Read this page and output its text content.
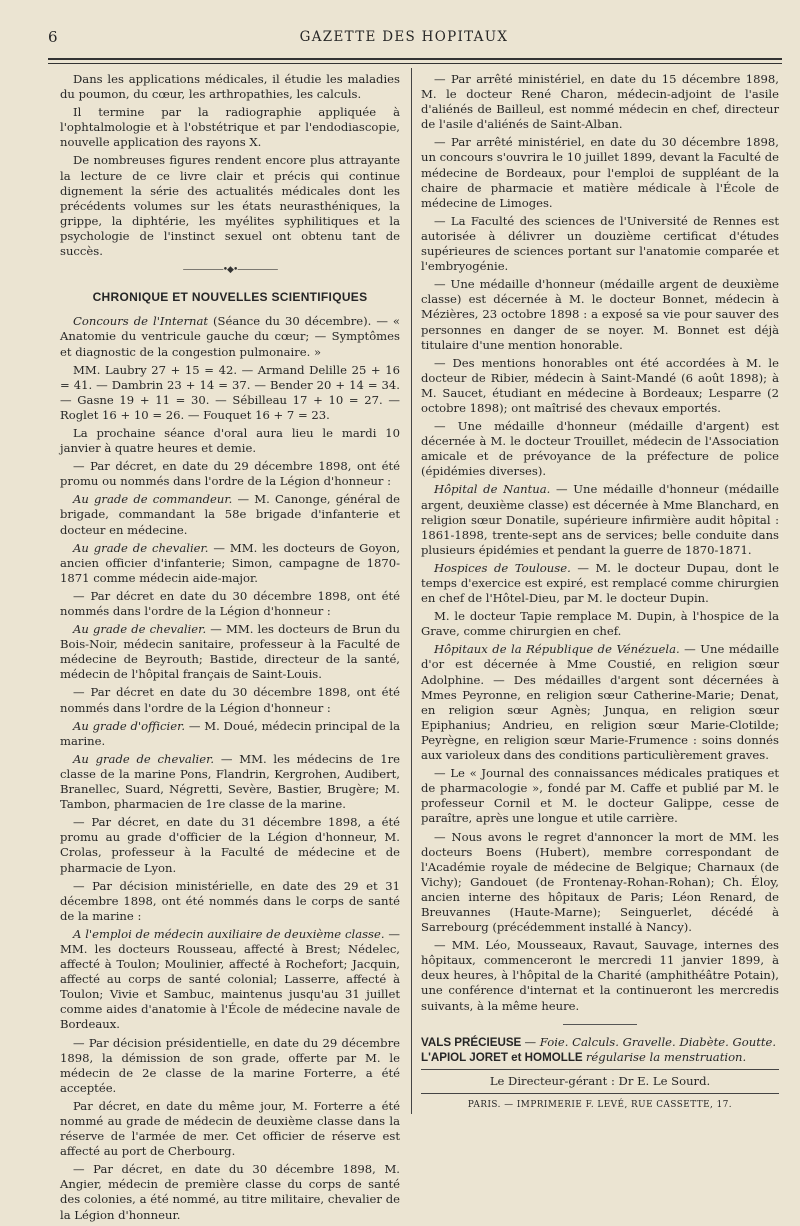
6	GAZETTE DES HOPITAUX

Dans les applications médicales, il étudie les maladies du poumon, du cœur, les arthropathies, les calculs.

Il termine par la radiographie appliquée à l'ophtalmologie et à l'obstétrique et par l'endodiascopie, nouvelle application des rayons X.

De nombreuses figures rendent encore plus attrayante la lecture de ce livre clair et précis qui continue dignement la série des actualités médicales dont les précédents volumes sur les états neurasthéniques, la grippe, la diphtérie, les myélites syphilitiques et la psychologie de l'instinct sexuel ont obtenu tant de succès.

—————•◆•—————

CHRONIQUE ET NOUVELLES SCIENTIFIQUES

Concours de l'Internat (Séance du 30 décembre). — « Anatomie du ventricule gauche du cœur; — Symptômes et diagnostic de la congestion pulmonaire. »

MM. Laubry 27 + 15 = 42. — Armand Delille 25 + 16 = 41. — Dambrin 23 + 14 = 37. — Bender 20 + 14 = 34. — Gasne 19 + 11 = 30. — Sébilleau 17 + 10 = 27. — Roglet 16 + 10 = 26. — Fouquet 16 + 7 = 23.

La prochaine séance d'oral aura lieu le mardi 10 janvier à quatre heures et demie.

— Par décret, en date du 29 décembre 1898, ont été promu ou nommés dans l'ordre de la Légion d'honneur :

Au grade de commandeur. — M. Canonge, général de brigade, commandant la 58e brigade d'infanterie et docteur en médecine.

Au grade de chevalier. — MM. les docteurs de Goyon, ancien officier d'infanterie; Simon, campagne de 1870-1871 comme médecin aide-major.

— Par décret en date du 30 décembre 1898, ont été nommés dans l'ordre de la Légion d'honneur :

Au grade de chevalier. — MM. les docteurs de Brun du Bois-Noir, médecin sanitaire, professeur à la Faculté de médecine de Beyrouth; Bastide, directeur de la santé, médecin de l'hôpital français de Saint-Louis.

— Par décret en date du 30 décembre 1898, ont été nommés dans l'ordre de la Légion d'honneur :

Au grade d'officier. — M. Doué, médecin principal de la marine.

Au grade de chevalier. — MM. les médecins de 1re classe de la marine Pons, Flandrin, Kergrohen, Audibert, Branellec, Suard, Négretti, Sevère, Bastier, Brugère; M. Tambon, pharmacien de 1re classe de la marine.

— Par décret, en date du 31 décembre 1898, a été promu au grade d'officier de la Légion d'honneur, M. Crolas, professeur à la Faculté de médecine et de pharmacie de Lyon.

— Par décision ministérielle, en date des 29 et 31 décembre 1898, ont été nommés dans le corps de santé de la marine :

A l'emploi de médecin auxiliaire de deuxième classe. — MM. les docteurs Rousseau, affecté à Brest; Nédelec, affecté à Toulon; Moulinier, affecté à Rochefort; Jacquin, affecté au corps de santé colonial; Lasserre, affecté à Toulon; Vivie et Sambuc, maintenus jusqu'au 31 juillet comme aides d'anatomie à l'École de médecine navale de Bordeaux.

— Par décision présidentielle, en date du 29 décembre 1898, la démission de son grade, offerte par M. le médecin de 2e classe de la marine Forterre, a été acceptée.

Par décret, en date du même jour, M. Forterre a été nommé au grade de médecin de deuxième classe dans la réserve de l'armée de mer. Cet officier de réserve est affecté au port de Cherbourg.

— Par décret, en date du 30 décembre 1898, M. Angier, médecin de première classe du corps de santé des colonies, a été nommé, au titre militaire, chevalier de la Légion d'honneur.

— Par arrêté ministériel, en date du 15 décembre 1898, M. le docteur René Charon, médecin-adjoint de l'asile d'aliénés de Bailleul, est nommé médecin en chef, directeur de l'asile d'aliénés de Saint-Alban.

— Par arrêté ministériel, en date du 30 décembre 1898, un concours s'ouvrira le 10 juillet 1899, devant la Faculté de médecine de Bordeaux, pour l'emploi de suppléant de la chaire de pharmacie et matière médicale à l'École de médecine de Limoges.

— La Faculté des sciences de l'Université de Rennes est autorisée à délivrer un douzième certificat d'études supérieures de sciences portant sur l'anatomie comparée et l'embryogénie.

— Une médaille d'honneur (médaille argent de deuxième classe) est décernée à M. le docteur Bonnet, médecin à Mézières, 23 octobre 1898 : a exposé sa vie pour sauver des personnes en danger de se noyer. M. Bonnet est déjà titulaire d'une mention honorable.

— Des mentions honorables ont été accordées à M. le docteur de Ribier, médecin à Saint-Mandé (6 août 1898); à M. Saucet, étudiant en médecine à Bordeaux; Lesparre (2 octobre 1898); ont maîtrisé des chevaux emportés.

— Une médaille d'honneur (médaille d'argent) est décernée à M. le docteur Trouillet, médecin de l'Association amicale et de prévoyance de la préfecture de police (épidémies diverses).

Hôpital de Nantua. — Une médaille d'honneur (médaille argent, deuxième classe) est décernée à Mme Blanchard, en religion sœur Donatile, supérieure infirmière audit hôpital : 1861-1898, trente-sept ans de services; belle conduite dans plusieurs épidémies et pendant la guerre de 1870-1871.

Hospices de Toulouse. — M. le docteur Dupau, dont le temps d'exercice est expiré, est remplacé comme chirurgien en chef de l'Hôtel-Dieu, par M. le docteur Dupin.

M. le docteur Tapie remplace M. Dupin, à l'hospice de la Grave, comme chirurgien en chef.

Hôpitaux de la République de Vénézuela. — Une médaille d'or est décernée à Mme Coustié, en religion sœur Adolphine. — Des médailles d'argent sont décernées à Mmes Peyronne, en religion sœur Catherine-Marie; Denat, en religion sœur Agnès; Junqua, en religion sœur Epiphanius; Andrieu, en religion sœur Marie-Clotilde; Peyrègne, en religion sœur Marie-Frumence : soins donnés aux varioleux dans des conditions particulièrement graves.

— Le « Journal des connaissances médicales pratiques et de pharmacologie », fondé par M. Caffe et publié par M. le professeur Cornil et M. le docteur Galippe, cesse de paraître, après une longue et utile carrière.

— Nous avons le regret d'annoncer la mort de MM. les docteurs Boens (Hubert), membre correspondant de l'Académie royale de médecine de Belgique; Charnaux (de Vichy); Gandouet (de Frontenay-Rohan-Rohan); Ch. Éloy, ancien interne des hôpitaux de Paris; Léon Renard, de Breuvannes (Haute-Marne); Seinguerlet, décédé à Sarrebourg (précédemment installé à Nancy).

— MM. Léo, Mousseaux, Ravaut, Sauvage, internes des hôpitaux, commenceront le mercredi 11 janvier 1899, à deux heures, à l'hôpital de la Charité (amphithéâtre Potain), une conférence d'internat et la continueront les mercredis suivants, à la même heure.

VALS PRÉCIEUSE — Foie. Calculs. Gravelle. Diabète. Goutte.

L'APIOL JORET et HOMOLLE régularise la menstruation.

Le Directeur-gérant : Dr E. Le Sourd.

PARIS. — IMPRIMERIE F. LEVÉ, RUE CASSETTE, 17.
